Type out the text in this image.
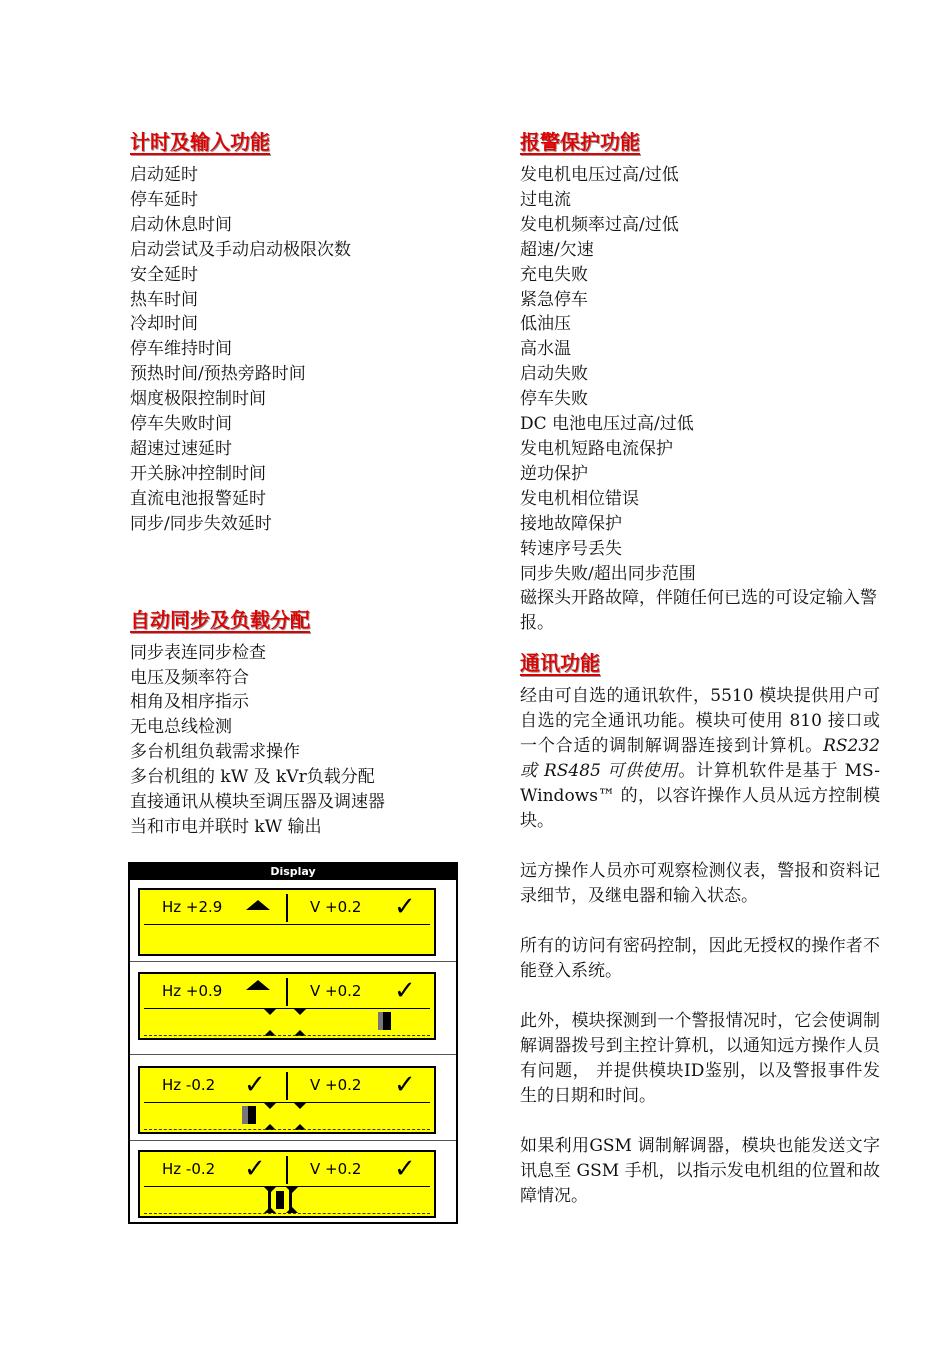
计时及输入功能
启动延时
停车延时
启动休息时间
启动尝试及手动启动极限次数
安全延时
热车时间
冷却时间
停车维持时间
预热时间/预热旁路时间
烟度极限控制时间
停车失败时间
超速过速延时
开关脉冲控制时间
直流电池报警延时
同步/同步失效延时
自动同步及负载分配
同步表连同步检查
电压及频率符合
相角及相序指示
无电总线检测
多台机组负载需求操作
多台机组的 kW 及 kVr负载分配
直接通讯从模块至调压器及调速器
当和市电并联时 kW 输出
报警保护功能
发电机电压过高/过低
过电流
发电机频率过高/过低
超速/欠速
充电失败
紧急停车
低油压
高水温
启动失败
停车失败
DC 电池电压过高/过低
发电机短路电流保护
逆功保护
发电机相位错误
接地故障保护
转速序号丢失
同步失败/超出同步范围
磁探头开路故障，伴随任何已选的可设定输入警报。
通讯功能

经由可自选的通讯软件，5510 模块提供用户可自选的完全通讯功能。模块可使用 810 接口或一个合适的调制解调器连接到计算机。RS232 或 RS485 可供使用。计算机软件是基于 MS-Windows™ 的，以容许操作人员从远方控制模块。

远方操作人员亦可观察检测仪表，警报和资料记录细节，及继电器和输入状态。

所有的访问有密码控制，因此无授权的操作者不能登入系统。

此外，模块探测到一个警报情况时，它会使调制解调器拨号到主控计算机，以通知远方操作人员有问题， 并提供模块ID鉴别，以及警报事件发生的日期和时间。

如果利用GSM 调制解调器，模块也能发送文字讯息至 GSM 手机，以指示发电机组的位置和故障情况。

Display
Hz +2.9	V +0.2 ✓
Hz +0.9	V +0.2 ✓
Hz -0.2 ✓	V +0.2 ✓
Hz -0.2 ✓	V +0.2 ✓
